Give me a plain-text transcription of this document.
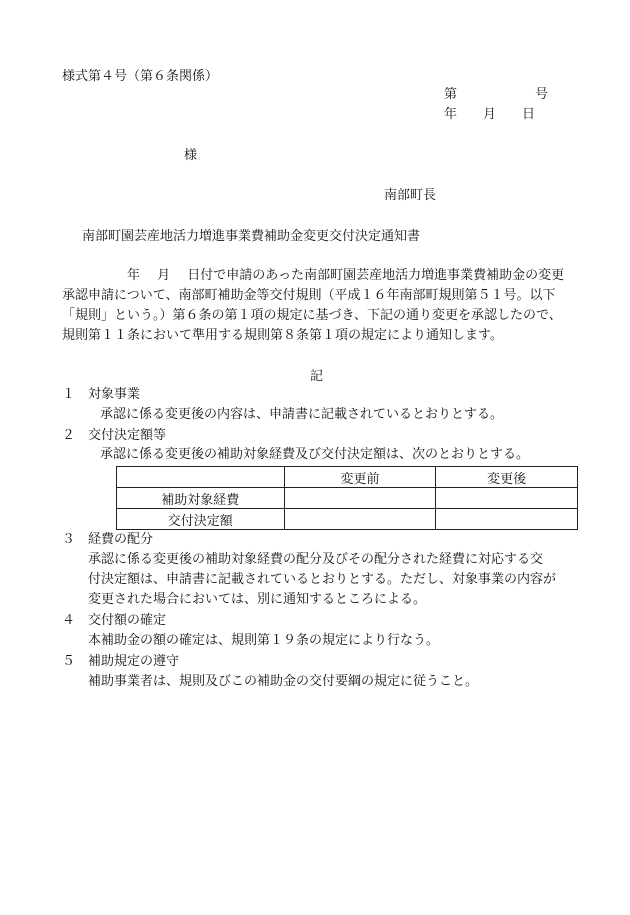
様式第４号（第６条関係）
第　　　　　　号
年　　月　　日
様
南部町長
南部町園芸産地活力増進事業費補助金変更交付決定通知書
　　　　　年　 月　 日付で申請のあった南部町園芸産地活力増進事業費補助金の変更
承認申請について、南部町補助金等交付規則（平成１６年南部町規則第５１号。以下
「規則」という。）第６条の第１項の規定に基づき、下記の通り変更を承認したので、
規則第１１条において準用する規則第８条第１項の規定により通知します。
記
１ 対象事業
承認に係る変更後の内容は、申請書に記載されているとおりとする。
２ 交付決定額等
承認に係る変更後の補助対象経費及び交付決定額は、次のとおりとする。
	変更前	変更後
補助対象経費		
交付決定額		
３ 経費の配分
承認に係る変更後の補助対象経費の配分及びその配分された経費に対応する交
付決定額は、申請書に記載されているとおりとする。ただし、対象事業の内容が
変更された場合においては、別に通知するところによる。
４ 交付額の確定
本補助金の額の確定は、規則第１９条の規定により行なう。
５ 補助規定の遵守
補助事業者は、規則及びこの補助金の交付要綱の規定に従うこと。
